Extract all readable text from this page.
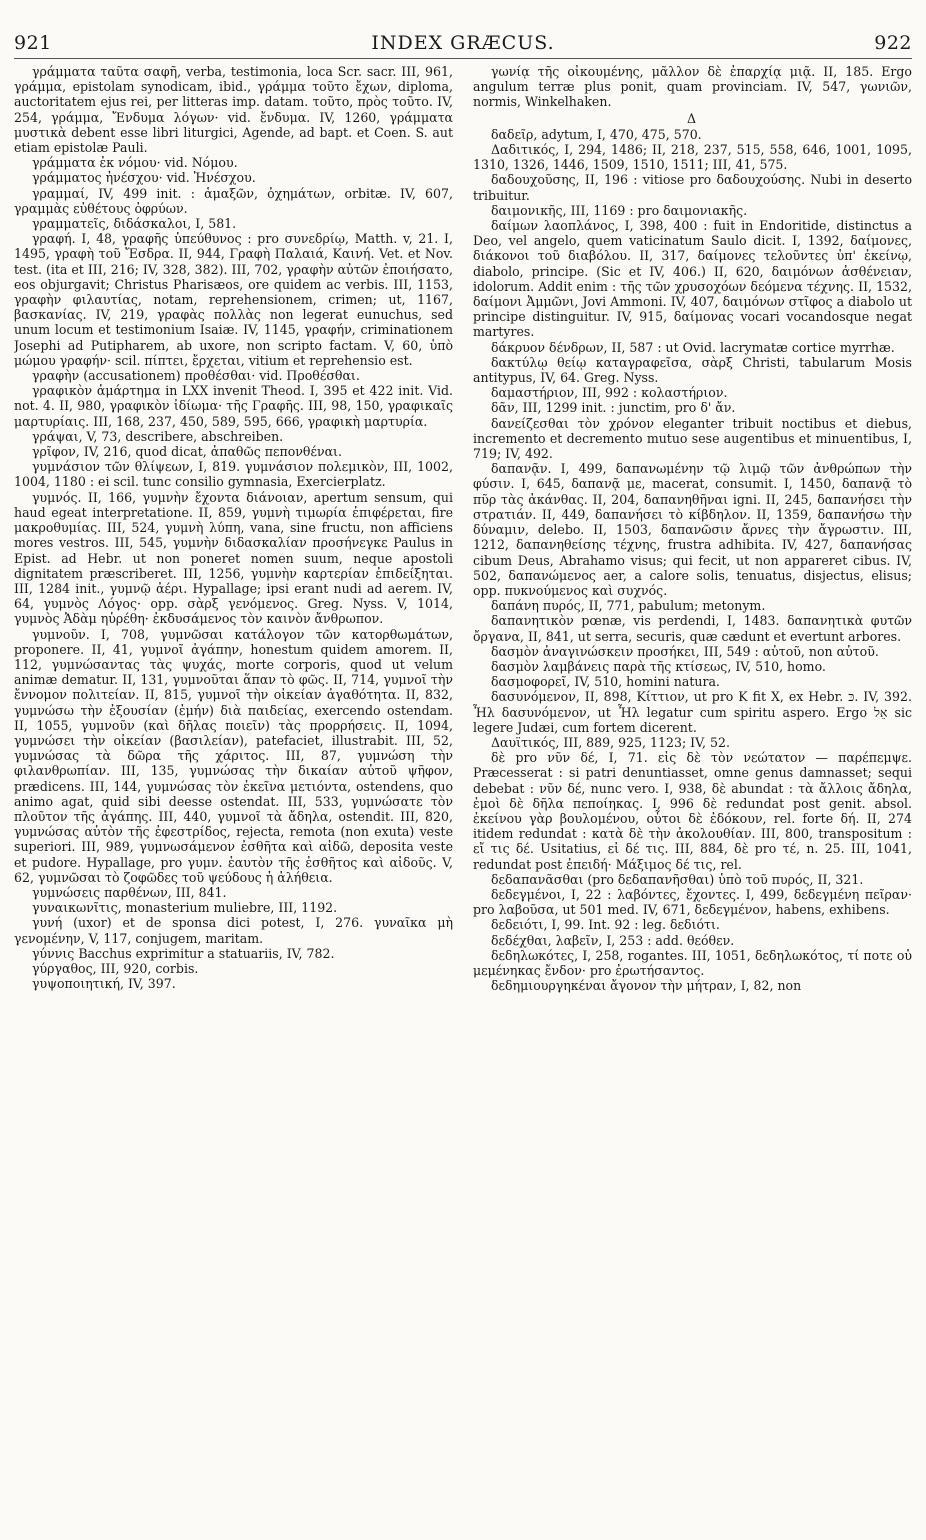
921	INDEX GRÆCUS.	922

γράμματα ταῦτα σαφῆ, verba, testimonia, loca Scr. sacr. III, 961, γράμμα, epistolam synodicam, ibid., γράμμα τοῦτο ἔχων, diploma, auctoritatem ejus rei, per litteras imp. datam. τοῦτο, πρὸς τοῦτο. IV, 254, γράμμα, Ἔνδυμα λόγων· vid. ἔνδυμα. IV, 1260, γράμματα μυστικὰ debent esse libri liturgici, Agende, ad bapt. et Coen. S. aut etiam epistolæ Pauli.

γράμματα ἐκ νόμου· vid. Νόμου.

γράμματος ἠνέσχου· vid. Ἠνέσχου.

γραμμαί, IV, 499 init. : ἁμαξῶν, ὀχημάτων, orbitæ. IV, 607, γραμμὰς εὐθέτους ὀφρύων.

γραμματεῖς, διδάσκαλοι, I, 581.

γραφή. I, 48, γραφῆς ὑπεύθυνος : pro συνεδρίῳ, Matth. v, 21. I, 1495, γραφὴ τοῦ Ἔσδρα. II, 944, Γραφὴ Παλαιά, Καινή. Vet. et Nov. test. (ita et III, 216; IV, 328, 382). III, 702, γραφὴν αὐτῶν ἐποιήσατο, eos objurgavit; Christus Pharisæos, ore quidem ac verbis. III, 1153, γραφὴν φιλαυτίας, notam, reprehensionem, crimen; ut, 1167, βασκανίας. IV, 219, γραφὰς πολλὰς non legerat eunuchus, sed unum locum et testimonium Isaiæ. IV, 1145, γραφήν, criminationem Josephi ad Putipharem, ab uxore, non scripto factam. V, 60, ὑπὸ μώμου γραφήν· scil. πίπτει, ἔρχεται, vitium et reprehensio est.

γραφὴν (accusationem) προθέσθαι· vid. Προθέσθαι.

γραφικὸν ἁμάρτημα in LXX invenit Theod. I, 395 et 422 init. Vid. not. 4. II, 980, γραφικὸν ἰδίωμα· τῆς Γραφῆς. III, 98, 150, γραφικαῖς μαρτυρίαις. III, 168, 237, 450, 589, 595, 666, γραφικὴ μαρτυρία.

γράψαι, V, 73, describere, abschreiben.

γρῖφον, IV, 216, quod dicat, ἀπαθῶς πεπονθέναι.

γυμνάσιον τῶν θλίψεων, I, 819. γυμνάσιον πολεμικὸν, III, 1002, 1004, 1180 : ei scil. tunc consilio gymnasia, Exercierplatz.

γυμνός. II, 166, γυμνὴν ἔχοντα διάνοιαν, apertum sensum, qui haud egeat interpretatione. II, 859, γυμνὴ τιμωρία ἐπιφέρεται, fire μακροθυμίας. III, 524, γυμνὴ λύπη, vana, sine fructu, non afficiens mores vestros. III, 545, γυμνὴν διδασκαλίαν προσήνεγκε Paulus in Epist. ad Hebr. ut non poneret nomen suum, neque apostoli dignitatem præscriberet. III, 1256, γυμνὴν καρτερίαν ἐπιδείξηται. III, 1284 init., γυμνῷ ἀέρι. Hypallage; ipsi erant nudi ad aerem. IV, 64, γυμνὸς Λόγος· opp. σὰρξ γενόμενος. Greg. Nyss. V, 1014, γυμνὸς Ἀδὰμ ηὑρέθη· ἐκδυσάμενος τὸν καινὸν ἄνθρωπον.

γυμνοῦν. I, 708, γυμνῶσαι κατάλογον τῶν κατορθωμάτων, proponere. II, 41, γυμνοῖ ἀγάπην, honestum quidem amorem. II, 112, γυμνώσαντας τὰς ψυχάς, morte corporis, quod ut velum animæ dematur. II, 131, γυμνοῦται ἅπαν τὸ φῶς. II, 714, γυμνοῖ τὴν ἔννομον πολιτείαν. II, 815, γυμνοῖ τὴν οἰκείαν ἀγαθότητα. II, 832, γυμνώσω τὴν ἐξουσίαν (ἐμήν) διὰ παιδείας, exercendo ostendam. II, 1055, γυμνοῦν (καὶ δῆλας ποιεῖν) τὰς προρρήσεις. II, 1094, γυμνώσει τὴν οἰκείαν (βασιλείαν), patefaciet, illustrabit. III, 52, γυμνώσας τὰ δῶρα τῆς χάριτος. III, 87, γυμνώση τὴν φιλανθρωπίαν. III, 135, γυμνώσας τὴν δικαίαν αὐτοῦ ψῆφον, prædicens. III, 144, γυμνώσας τὸν ἐκεῖνα μετιόντα, ostendens, quo animo agat, quid sibi deesse ostendat. III, 533, γυμνώσατε τὸν πλοῦτον τῆς ἀγάπης. III, 440, γυμνοῖ τὰ ἄδηλα, ostendit. III, 820, γυμνώσας αὐτὸν τῆς ἐφεστρίδος, rejecta, remota (non exuta) veste superiori. III, 989, γυμνωσάμενον ἐσθῆτα καὶ αἰδῶ, deposita veste et pudore. Hypallage, pro γυμν. ἑαυτὸν τῆς ἐσθῆτος καὶ αἰδοῦς. V, 62, γυμνῶσαι τὸ ζοφῶδες τοῦ ψεύδους ἡ ἀλήθεια.

γυμνώσεις παρθένων, III, 841.

γυναικωνῖτις, monasterium muliebre, III, 1192.

γυνή (uxor) et de sponsa dici potest, I, 276. γυναῖκα μὴ γενομένην, V, 117, conjugem, maritam.

γύννις Bacchus exprimitur a statuariis, IV, 782.

γύργαθος, III, 920, corbis.

γυψοποιητική, IV, 397.

γωνίᾳ τῆς οἰκουμένης, μᾶλλον δὲ ἐπαρχίᾳ μιᾷ. II, 185. Ergo angulum terræ plus ponit, quam provinciam. IV, 547, γωνιῶν, normis, Winkelhaken.

Δ

δαδεῖρ, adytum, I, 470, 475, 570.

Δαδιτικός, I, 294, 1486; II, 218, 237, 515, 558, 646, 1001, 1095, 1310, 1326, 1446, 1509, 1510, 1511; III, 41, 575.

δαδουχοῦσης, II, 196 : vitiose pro δαδουχούσης. Nubi in deserto tribuitur.

δαιμονικῆς, III, 1169 : pro δαιμονιακῆς.

δαίμων λαοπλάνος, I, 398, 400 : fuit in Endoritide, distinctus a Deo, vel angelo, quem vaticinatum Saulo dicit. I, 1392, δαίμονες, διάκονοι τοῦ διαβόλου. II, 317, δαίμονες τελοῦντες ὑπ' ἐκείνῳ, diabolo, principe. (Sic et IV, 406.) II, 620, δαιμόνων ἀσθένειαν, idolorum. Addit enim : τῆς τῶν χρυσοχόων δεόμενα τέχνης. II, 1532, δαίμονι Ἀμμῶνι, Jovi Ammoni. IV, 407, δαιμόνων στῖφος a diabolo ut principe distinguitur. IV, 915, δαίμονας vocari vocandosque negat martyres.

δάκρυον δένδρων, II, 587 : ut Ovid. lacrymatæ cortice myrrhæ.

δακτύλῳ θείῳ καταγραφεῖσα, σὰρξ Christi, tabularum Mosis antitypus, IV, 64. Greg. Nyss.

δαμαστήριον, III, 992 : κολαστήριον.

δᾶν, III, 1299 init. : junctim, pro δ' ἄν.

δανείζεσθαι τὸν χρόνον eleganter tribuit noctibus et diebus, incremento et decremento mutuo sese augentibus et minuentibus, I, 719; IV, 492.

δαπανᾷν. I, 499, δαπανωμένην τῷ λιμῷ τῶν ἀνθρώπων τὴν φύσιν. I, 645, δαπανᾷ με, macerat, consumit. I, 1450, δαπανᾷ τὸ πῦρ τὰς ἀκάνθας. II, 204, δαπανηθῆναι igni. II, 245, δαπανήσει τὴν στρατιάν. II, 449, δαπανήσει τὸ κίβδηλον. II, 1359, δαπανήσω τὴν δύναμιν, delebo. II, 1503, δαπανῶσιν ἄρνες τὴν ἄγρωστιν. III, 1212, δαπανηθείσης τέχνης, frustra adhibita. IV, 427, δαπανήσας cibum Deus, Abrahamo visus; qui fecit, ut non appareret cibus. IV, 502, δαπανώμενος aer, a calore solis, tenuatus, disjectus, elisus; opp. πυκνούμενος καὶ συχνός.

δαπάνη πυρός, II, 771, pabulum; metonym.

δαπανητικὸν pœnæ, vis perdendi, I, 1483. δαπανητικὰ φυτῶν ὄργανα, II, 841, ut serra, securis, quæ cædunt et evertunt arbores.

δασμὸν ἀναγινώσκειν προσήκει, III, 549 : αὐτοῦ, non αὐτοῦ.

δασμὸν λαμβάνεις παρὰ τῆς κτίσεως, IV, 510, homo.

δασμοφορεῖ, IV, 510, homini natura.

δασυνόμενον, II, 898, Κίττιον, ut pro K fit X, ex Hebr. כּ. IV, 392. Ἦλ δασυνόμενον, ut Ἦλ legatur cum spiritu aspero. Ergo אֵל sic legere Judæi, cum fortem dicerent.

Δαυϊτικός, III, 889, 925, 1123; IV, 52.

δὲ pro νῦν δέ, I, 71. εἰς δὲ τὸν νεώτατον — παρέπεμψε. Præcesserat : si patri denuntiasset, omne genus damnasset; sequi debebat : νῦν δέ, nunc vero. I, 938, δὲ abundat : τὰ ἄλλοις ἄδηλα, ἐμοὶ δὲ δῆλα πεποίηκας. I, 996 δὲ redundat post genit. absol. ἐκείνου γὰρ βουλομένου, οὗτοι δὲ ἐδόκουν, rel. forte δή. II, 274 itidem redundat : κατὰ δὲ τὴν ἀκολουθίαν. III, 800, transpositum : εἴ τις δέ. Usitatius, εἰ δέ τις. III, 884, δὲ pro τέ, n. 25. III, 1041, redundat post ἐπειδή· Μάξιμος δέ τις, rel.

δεδαπανᾶσθαι (pro δεδαπανῆσθαι) ὑπὸ τοῦ πυρός, II, 321.

δεδεγμένοι, I, 22 : λαβόντες, ἔχοντες. I, 499, δεδεγμένη πεῖραν· pro λαβοῦσα, ut 501 med. IV, 671, δεδεγμένον, habens, exhibens.

δεδειότι, I, 99. Int. 92 : leg. δεδιότι.

δεδέχθαι, λαβεῖν, I, 253 : add. θεόθεν.

δεδηλωκότες, I, 258, rogantes. III, 1051, δεδηλωκότος, τί ποτε οὐ μεμένηκας ἔνδον· pro ἐρωτήσαντος.

δεδημιουργηκέναι ἄγονον τὴν μήτραν, I, 82, non
